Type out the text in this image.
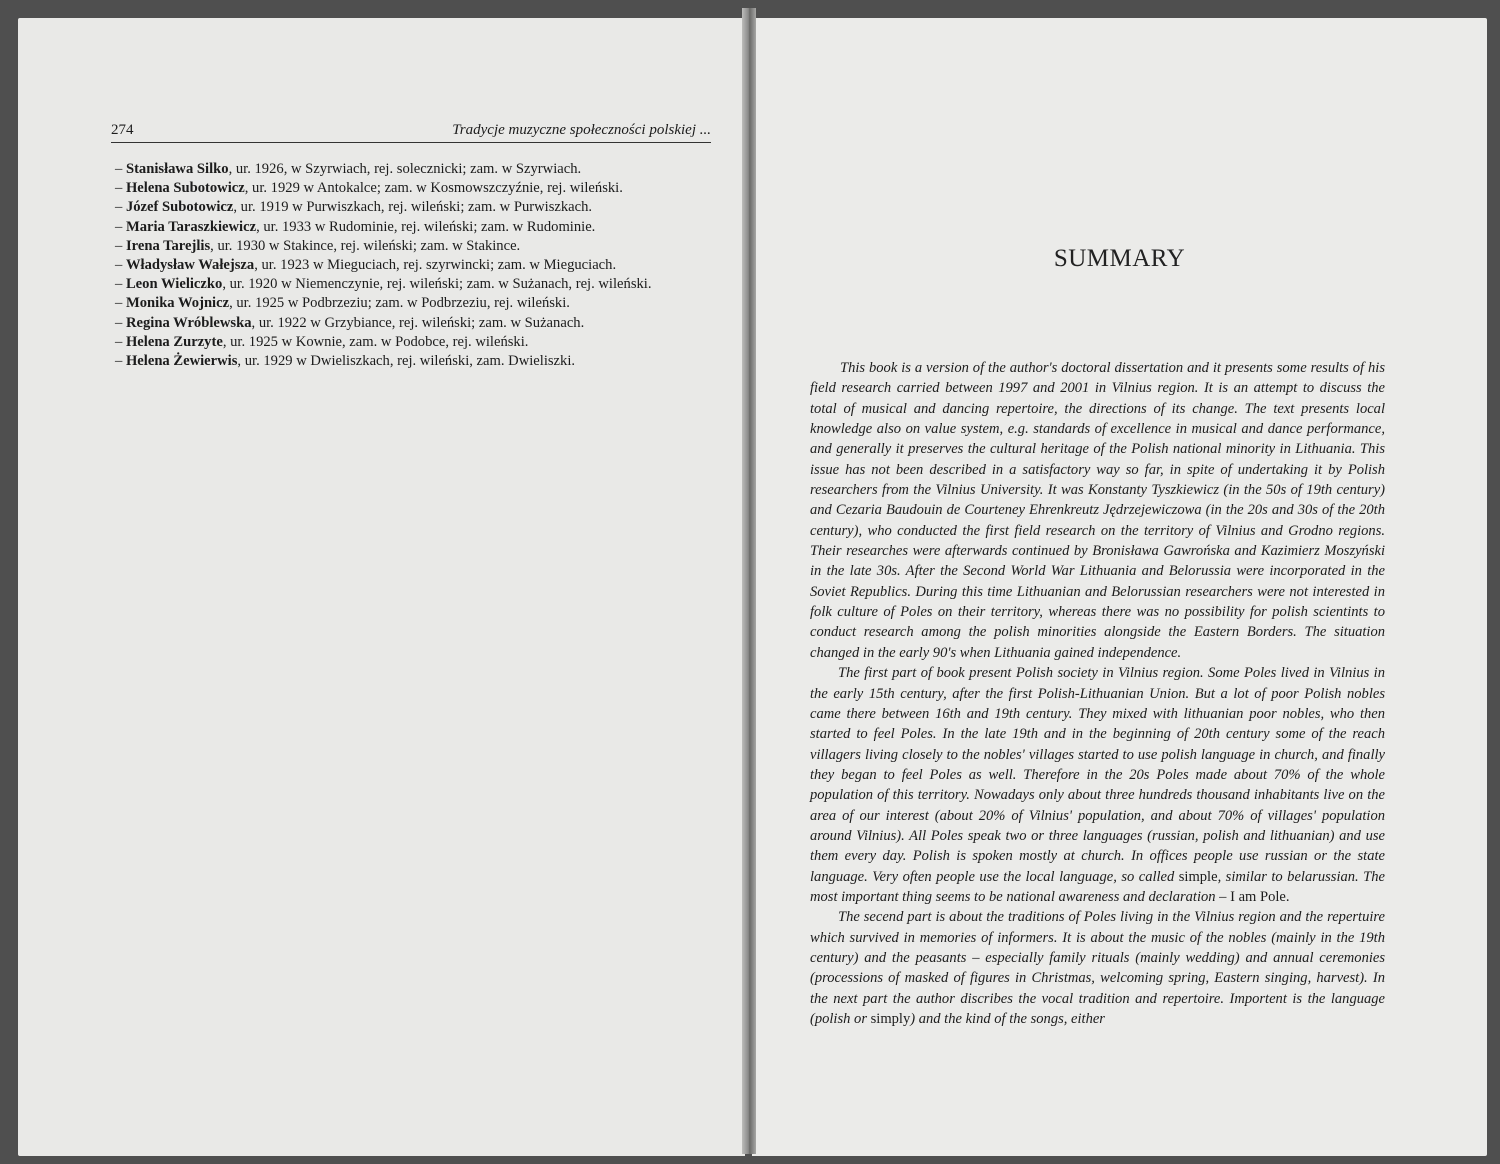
274	Tradycje muzyczne społeczności polskiej ...
– Stanisława Silko, ur. 1926, w Szyrwiach, rej. solecznicki; zam. w Szyrwiach.
– Helena Subotowicz, ur. 1929 w Antokalce; zam. w Kosmowszczyźnie, rej. wileński.
– Józef Subotowicz, ur. 1919 w Purwiszkach, rej. wileński; zam. w Purwiszkach.
– Maria Taraszkiewicz, ur. 1933 w Rudominie, rej. wileński; zam. w Rudominie.
– Irena Tarejlis, ur. 1930 w Stakince, rej. wileński; zam. w Stakince.
– Władysław Wałejsza, ur. 1923 w Mieguciach, rej. szyrwincki; zam. w Mieguciach.
– Leon Wieliczko, ur. 1920 w Niemenczynie, rej. wileński; zam. w Sużanach, rej. wileński.
– Monika Wojnicz, ur. 1925 w Podbrzeziu; zam. w Podbrzeziu, rej. wileński.
– Regina Wróblewska, ur. 1922 w Grzybiance, rej. wileński; zam. w Sużanach.
– Helena Zurzyte, ur. 1925 w Kownie, zam. w Podobce, rej. wileński.
– Helena Żewierwis, ur. 1929 w Dwieliszkach, rej. wileński, zam. Dwieliszki.
SUMMARY

This book is a version of the author's doctoral dissertation and it presents some results of his field research carried between 1997 and 2001 in Vilnius region. It is an attempt to discuss the total of musical and dancing repertoire, the directions of its change. The text presents local knowledge also on value system, e.g. standards of excellence in musical and dance performance, and generally it preserves the cultural heritage of the Polish national minority in Lithuania. This issue has not been described in a satisfactory way so far, in spite of undertaking it by Polish researchers from the Vilnius University. It was Konstanty Tyszkiewicz (in the 50s of 19th century) and Cezaria Baudouin de Courteney Ehrenkreutz Jędrzejewiczowa (in the 20s and 30s of the 20th century), who conducted the first field research on the territory of Vilnius and Grodno regions. Their researches were afterwards continued by Bronisława Gawrońska and Kazimierz Moszyński in the late 30s. After the Second World War Lithuania and Belorussia were incorporated in the Soviet Republics. During this time Lithuanian and Belorussian researchers were not interested in folk culture of Poles on their territory, whereas there was no possibility for polish scientints to conduct research among the polish minorities alongside the Eastern Borders. The situation changed in the early 90's when Lithuania gained independence.

The first part of book present Polish society in Vilnius region. Some Poles lived in Vilnius in the early 15th century, after the first Polish-Lithuanian Union. But a lot of poor Polish nobles came there between 16th and 19th century. They mixed with lithuanian poor nobles, who then started to feel Poles. In the late 19th and in the beginning of 20th century some of the reach villagers living closely to the nobles' villages started to use polish language in church, and finally they began to feel Poles as well. Therefore in the 20s Poles made about 70% of the whole population of this territory. Nowadays only about three hundreds thousand inhabitants live on the area of our interest (about 20% of Vilnius' population, and about 70% of villages' population around Vilnius). All Poles speak two or three languages (russian, polish and lithuanian) and use them every day. Polish is spoken mostly at church. In offices people use russian or the state language. Very often people use the local language, so called simple, similar to belarussian. The most important thing seems to be national awareness and declaration – I am Pole.

The secend part is about the traditions of Poles living in the Vilnius region and the repertuire which survived in memories of informers. It is about the music of the nobles (mainly in the 19th century) and the peasants – especially family rituals (mainly wedding) and annual ceremonies (processions of masked of figures in Christmas, welcoming spring, Eastern singing, harvest). In the next part the author discribes the vocal tradition and repertoire. Importent is the language (polish or simply) and the kind of the songs, either
